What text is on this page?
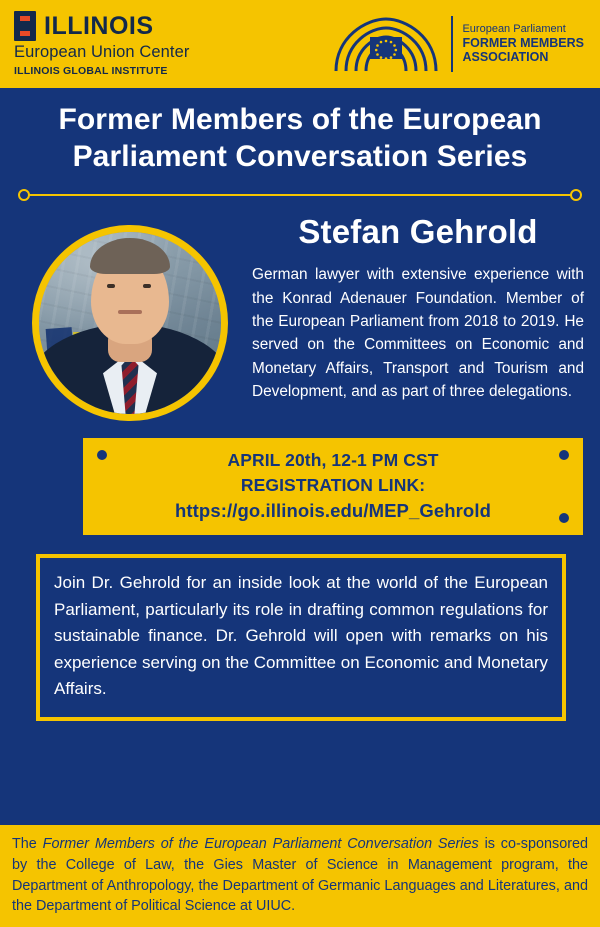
ILLINOIS
European Union Center
ILLINOIS GLOBAL INSTITUTE
European Parliament
FORMER MEMBERS
ASSOCIATION
Former Members of the European
Parliament Conversation Series
Stefan Gehrold
German lawyer with extensive experience with the Konrad Adenauer Foundation. Member of the European Parliament from 2018 to 2019. He served on the Committees on Economic and Monetary Affairs, Transport and Tourism and Development, and as part of three delegations.
APRIL 20th, 12-1 PM CST
REGISTRATION LINK:
https://go.illinois.edu/MEP_Gehrold

Join Dr. Gehrold for an inside look at the world of the European Parliament, particularly its role in drafting common regulations for sustainable finance. Dr. Gehrold will open with remarks on his experience serving on the Committee on Economic and Monetary Affairs.

The Former Members of the European Parliament Conversation Series is co-sponsored by the College of Law, the Gies Master of Science in Management program, the Department of Anthropology, the Department of Germanic Languages and Literatures, and the Department of Political Science at UIUC.
